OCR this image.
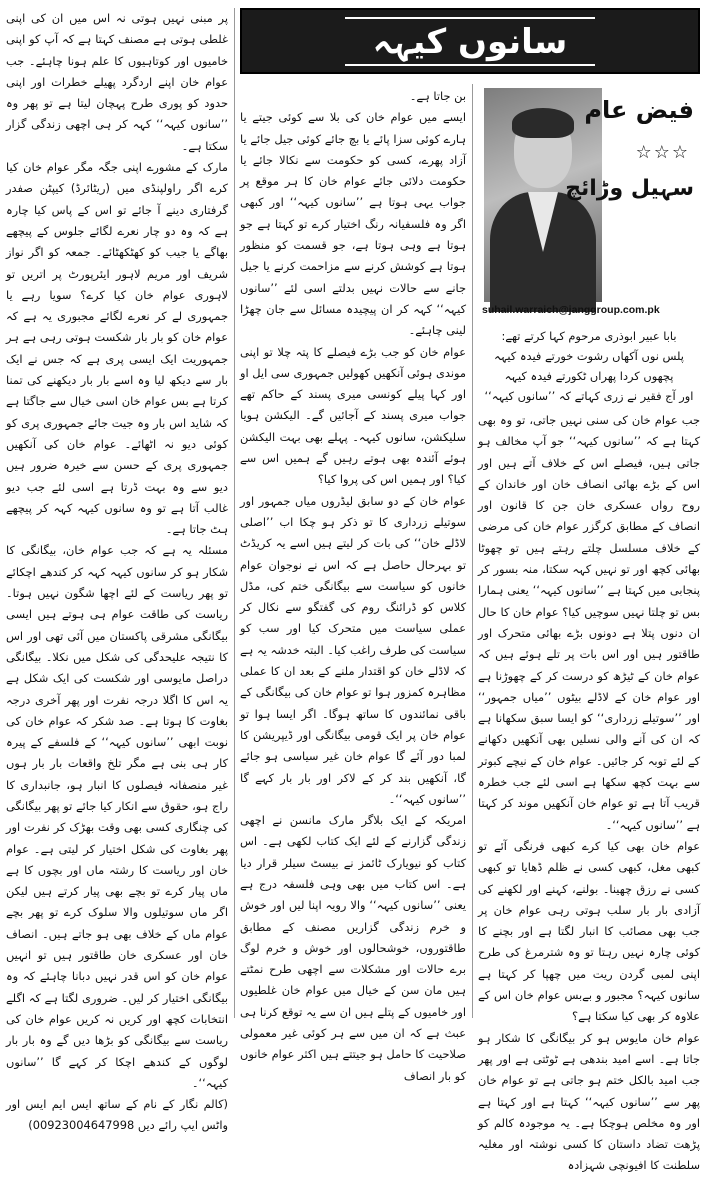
سانوں کیہہ
فیض عام
☆☆☆
سہیل وڑائچ
suhail.warraich@janggroup.com.pk

بابا عبیر ابوذری مرحوم کہا کرتے تھے:

پلس نوں آکھاں رشوت خورتے فیدہ کیہہ

پچھوں کردا پھراں ٹکورتے فیدہ کیہہ

اور آج فقیر نے زری کہاتے کہ ’’سانوں کیہہ‘‘

جب عوام خان کی سنی نہیں جاتی، تو وہ بھی کہتا ہے کہ ’’سانوں کیہہ‘‘ جو آپ مخالف ہو جاتی ہیں، فیصلے اس کے خلاف آتے ہیں اور اس کے بڑے بھائی انصاف خان اور خاندان کے روح رواں عسکری خان جن کا قانون اور انصاف کے مطابق کرگزر عوام خان کی مرضی کے خلاف مسلسل چلتے رہتے ہیں تو چھوٹا بھائی کچھ اور تو نہیں کہہ سکتا، منہ بسور کر پنجابی میں کہتا ہے ’’سانوں کیہہ‘‘ یعنی ہمارا بس تو چلتا نہیں سوچیں کیا؟ عوام خان کا حال ان دنوں پتلا ہے دونوں بڑے بھائی متحرک اور طاقتور ہیں اور اس بات پر تلے ہوئے ہیں کہ عوام خان کے ٹیڑھ کو درست کر کے چھوڑنا ہے اور عوام خان کے لاڈلے بیٹوں ’’میاں جمہور‘‘ اور ’’سوتیلے زرداری‘‘ کو ایسا سبق سکھانا ہے کہ ان کی آنے والی نسلیں بھی آنکھیں دکھانے کے لئے توبہ کر جائیں۔ عوام خان کے نیچے کبوتر سے بہت کچھ سکھا ہے اسی لئے جب خطرہ قریب آتا ہے تو عوام خان آنکھیں موند کر کہتا ہے ’’سانوں کیہہ‘‘۔

عوام خان بھی کیا کرے کبھی فرنگی آئے تو کبھی مغل، کبھی کسی نے ظلم ڈھایا تو کبھی کسی نے رزق چھینا۔ بولنے، کہنے اور لکھنے کی آزادی بار بار سلب ہوتی رہی عوام خان پر جب بھی مصائب کا انبار لگتا ہے اور بچنے کا کوئی چارہ نہیں رہتا تو وہ شترمرغ کی طرح اپنی لمبی گردن ریت میں چھپا کر کہتا ہے سانوں کیہہ؟ مجبور و بےبس عوام خان اس کے علاوہ کر بھی کیا سکتا ہے؟

عوام خان مایوس ہو کر بیگانگی کا شکار ہو جاتا ہے۔ اسے امید بندھی ہے ٹوٹتی ہے اور پھر جب امید بالکل ختم ہو جاتی ہے تو عوام خان پھر سے ’’سانوں کیہہ‘‘ کہتا ہے اور کہتا ہے اور وہ مخلص ہوچکا ہے۔ یہ موجودہ کالم کو پڑھت تضاد داستان کا کسی نوشتہ اور مغلیہ سلطنت کا افیونچی شہزادہ

بن جاتا ہے۔

ایسے میں عوام خان کی بلا سے کوئی جیتے یا ہارے کوئی سزا پائے یا بچ جائے کوئی جیل جائے یا آزاد پھرے، کسی کو حکومت سے نکالا جائے یا حکومت دلائی جائے عوام خان کا ہر موقع پر جواب یہی ہوتا ہے ’’سانوں کیہہ‘‘ اور کبھی اگر وہ فلسفیانہ رنگ اختیار کرے تو کہتا ہے جو ہوتا ہے وہی ہوتا ہے، جو قسمت کو منظور ہوتا ہے کوشش کرنے سے مزاحمت کرنے یا جیل جانے سے حالات نہیں بدلتے اسی لئے ’’سانوں کیہہ‘‘ کہہ کر ان پیچیدہ مسائل سے جان چھڑا لینی چاہئے۔

عوام خان کو جب بڑے فیصلے کا پتہ چلا تو اپنی موندی ہوئی آنکھیں کھولیں جمہوری سی ایل او اور کہا پیلے کونسی میری پسند کے حاکم تھے جواب میری پسند کے آجائیں گے۔ الیکشن ہویا سلیکشن، سانوں کیہہ۔ پہلے بھی بہت الیکشن ہوئے آئندہ بھی ہوتے رہیں گے ہمیں اس سے کیا؟ اور ہمیں اس کی پروا کیا؟

عوام خان کے دو سابق لیڈروں میاں جمہور اور سوتیلے زرداری کا تو ذکر ہو چکا اب ’’اصلی لاڈلے خان‘‘ کی بات کر لیتے ہیں اسے یہ کریڈٹ تو بہرحال حاصل ہے کہ اس نے نوجوان عوام خانوں کو سیاست سے بیگانگی ختم کی، مڈل کلاس کو ڈرائنگ روم کی گفتگو سے نکال کر عملی سیاست میں متحرک کیا اور سب کو سیاست کی طرف راغب کیا۔ البتہ خدشہ یہ ہے کہ لاڈلے خان کو اقتدار ملنے کے بعد ان کا عملی مظاہرہ کمزور ہوا تو عوام خان کی بیگانگی کے باقی نمائندوں کا ساتھ ہوگا۔ اگر ایسا ہوا تو عوام خان پر ایک قومی بیگانگی اور ڈیپریشن کا لمبا دور آئے گا عوام خان غیر سیاسی ہو جائے گا، آنکھیں بند کر کے لاکر اور بار بار کہے گا ’’سانوں کیہہ‘‘۔

امریکہ کے ایک بلاگر مارک مانسن نے اچھی زندگی گزارنے کے لئے ایک کتاب لکھی ہے۔ اس کتاب کو نیویارک ٹائمز نے بیسٹ سیلر قرار دیا ہے۔ اس کتاب میں بھی وہی فلسفہ درج ہے یعنی ’’سانوں کیہہ‘‘ والا رویہ اپنا لیں اور خوش و خرم زندگی گزاریں مصنف کے مطابق طاقتوروں، خوشحالوں اور خوش و خرم لوگ برے حالات اور مشکلات سے اچھی طرح نمٹتے ہیں مان سن کے خیال میں عوام خان غلطیوں اور خامیوں کے پتلے ہیں ان سے یہ توقع کرنا ہی عبث ہے کہ ان میں سے ہر کوئی غیر معمولی صلاحیت کا حامل ہو جیتتے ہیں اکثر عوام خانوں کو بار انصاف

پر مبنی نہیں ہوتی نہ اس میں ان کی اپنی غلطی ہوتی ہے مصنف کہتا ہے کہ آپ کو اپنی خامیوں اور کوتاہیوں کا علم ہونا چاہئے۔ جب عوام خان اپنے اردگرد پھیلے خطرات اور اپنی حدود کو پوری طرح پہچان لیتا ہے تو پھر وہ ’’سانوں کیہہ‘‘ کہہ کر ہی اچھی زندگی گزار سکتا ہے۔

مارک کے مشورے اپنی جگہ مگر عوام خان کیا کرے اگر راولپنڈی میں (ریٹائرڈ) کیپٹن صفدر گرفتاری دینے آ جائے تو اس کے پاس کیا چارہ ہے کہ وہ دو چار نعرے لگائے جلوس کے پیچھے بھاگے یا جیب کو کھٹکھٹائے۔ جمعہ کو اگر نواز شریف اور مریم لاہور ایئرپورٹ پر اتریں تو لاہوری عوام خان کیا کرے؟ سویا رہے یا جمہوری لے کر نعرے لگائے مجبوری یہ ہے کہ عوام خان کو بار بار شکست ہوتی رہی ہے ہر جمہوریت ایک ایسی پری ہے کہ جس نے ایک بار سے دیکھ لیا وہ اسے بار بار دیکھنے کی تمنا کرتا ہے بس عوام خان اسی خیال سے جاگتا ہے کہ شاید اس بار وہ جیت جائے جمہوری پری کو کوئی دیو نہ اٹھائے۔ عوام خان کی آنکھیں جمہوری پری کے حسن سے خیرہ ضرور ہیں دیو سے وہ بہت ڈرتا ہے اسی لئے جب دیو غالب آتا ہے تو وہ سانوں کیہہ کہہ کر پیچھے ہٹ جاتا ہے۔

مسئلہ یہ ہے کہ جب عوام خان، بیگانگی کا شکار ہو کر سانوں کیہہ کہہ کر کندھے اچکائے تو پھر ریاست کے لئے اچھا شگون نہیں ہوتا۔ ریاست کی طاقت عوام ہی ہوتے ہیں ایسی بیگانگی مشرقی پاکستان میں آئی تھی اور اس کا نتیجہ علیحدگی کی شکل میں نکلا۔ بیگانگی دراصل مایوسی اور شکست کی ایک شکل ہے یہ اس کا اگلا درجہ نفرت اور پھر آخری درجہ بغاوت کا ہوتا ہے۔ صد شکر کہ عوام خان کی نوبت ابھی ’’سانوں کیہہ‘‘ کے فلسفے کے پیرہ کار ہی بنی ہے مگر تلخ واقعات بار بار ہوں غیر منصفانہ فیصلوں کا انبار ہو، جانبداری کا راج ہو، حقوق سے انکار کیا جائے تو پھر بیگانگی کی چنگاری کسی بھی وقت بھڑک کر نفرت اور پھر بغاوت کی شکل اختیار کر لیتی ہے۔ عوام خان اور ریاست کا رشتہ ماں اور بچوں کا ہے ماں پیار کرے تو بچے بھی پیار کرتے ہیں لیکن اگر ماں سوتیلوں والا سلوک کرے تو پھر بچے عوام ماں کے خلاف بھی ہو جاتے ہیں۔ انصاف خان اور عسکری خان طاقتور ہیں تو انہیں عوام خان کو اس قدر نہیں دبانا چاہئے کہ وہ بیگانگی اختیار کر لیں۔ ضروری لگتا ہے کہ اگلے انتخابات کچھ اور کریں نہ کریں عوام خان کی ریاست سے بیگانگی کو بڑھا دیں گے وہ بار بار لوگوں کے کندھے اچکا کر کہے گا ’’سانوں کیہہ‘‘۔

(کالم نگار کے نام کے ساتھ ایس ایم ایس اور واٹس ایپ رائے دیں 00923004647998)
